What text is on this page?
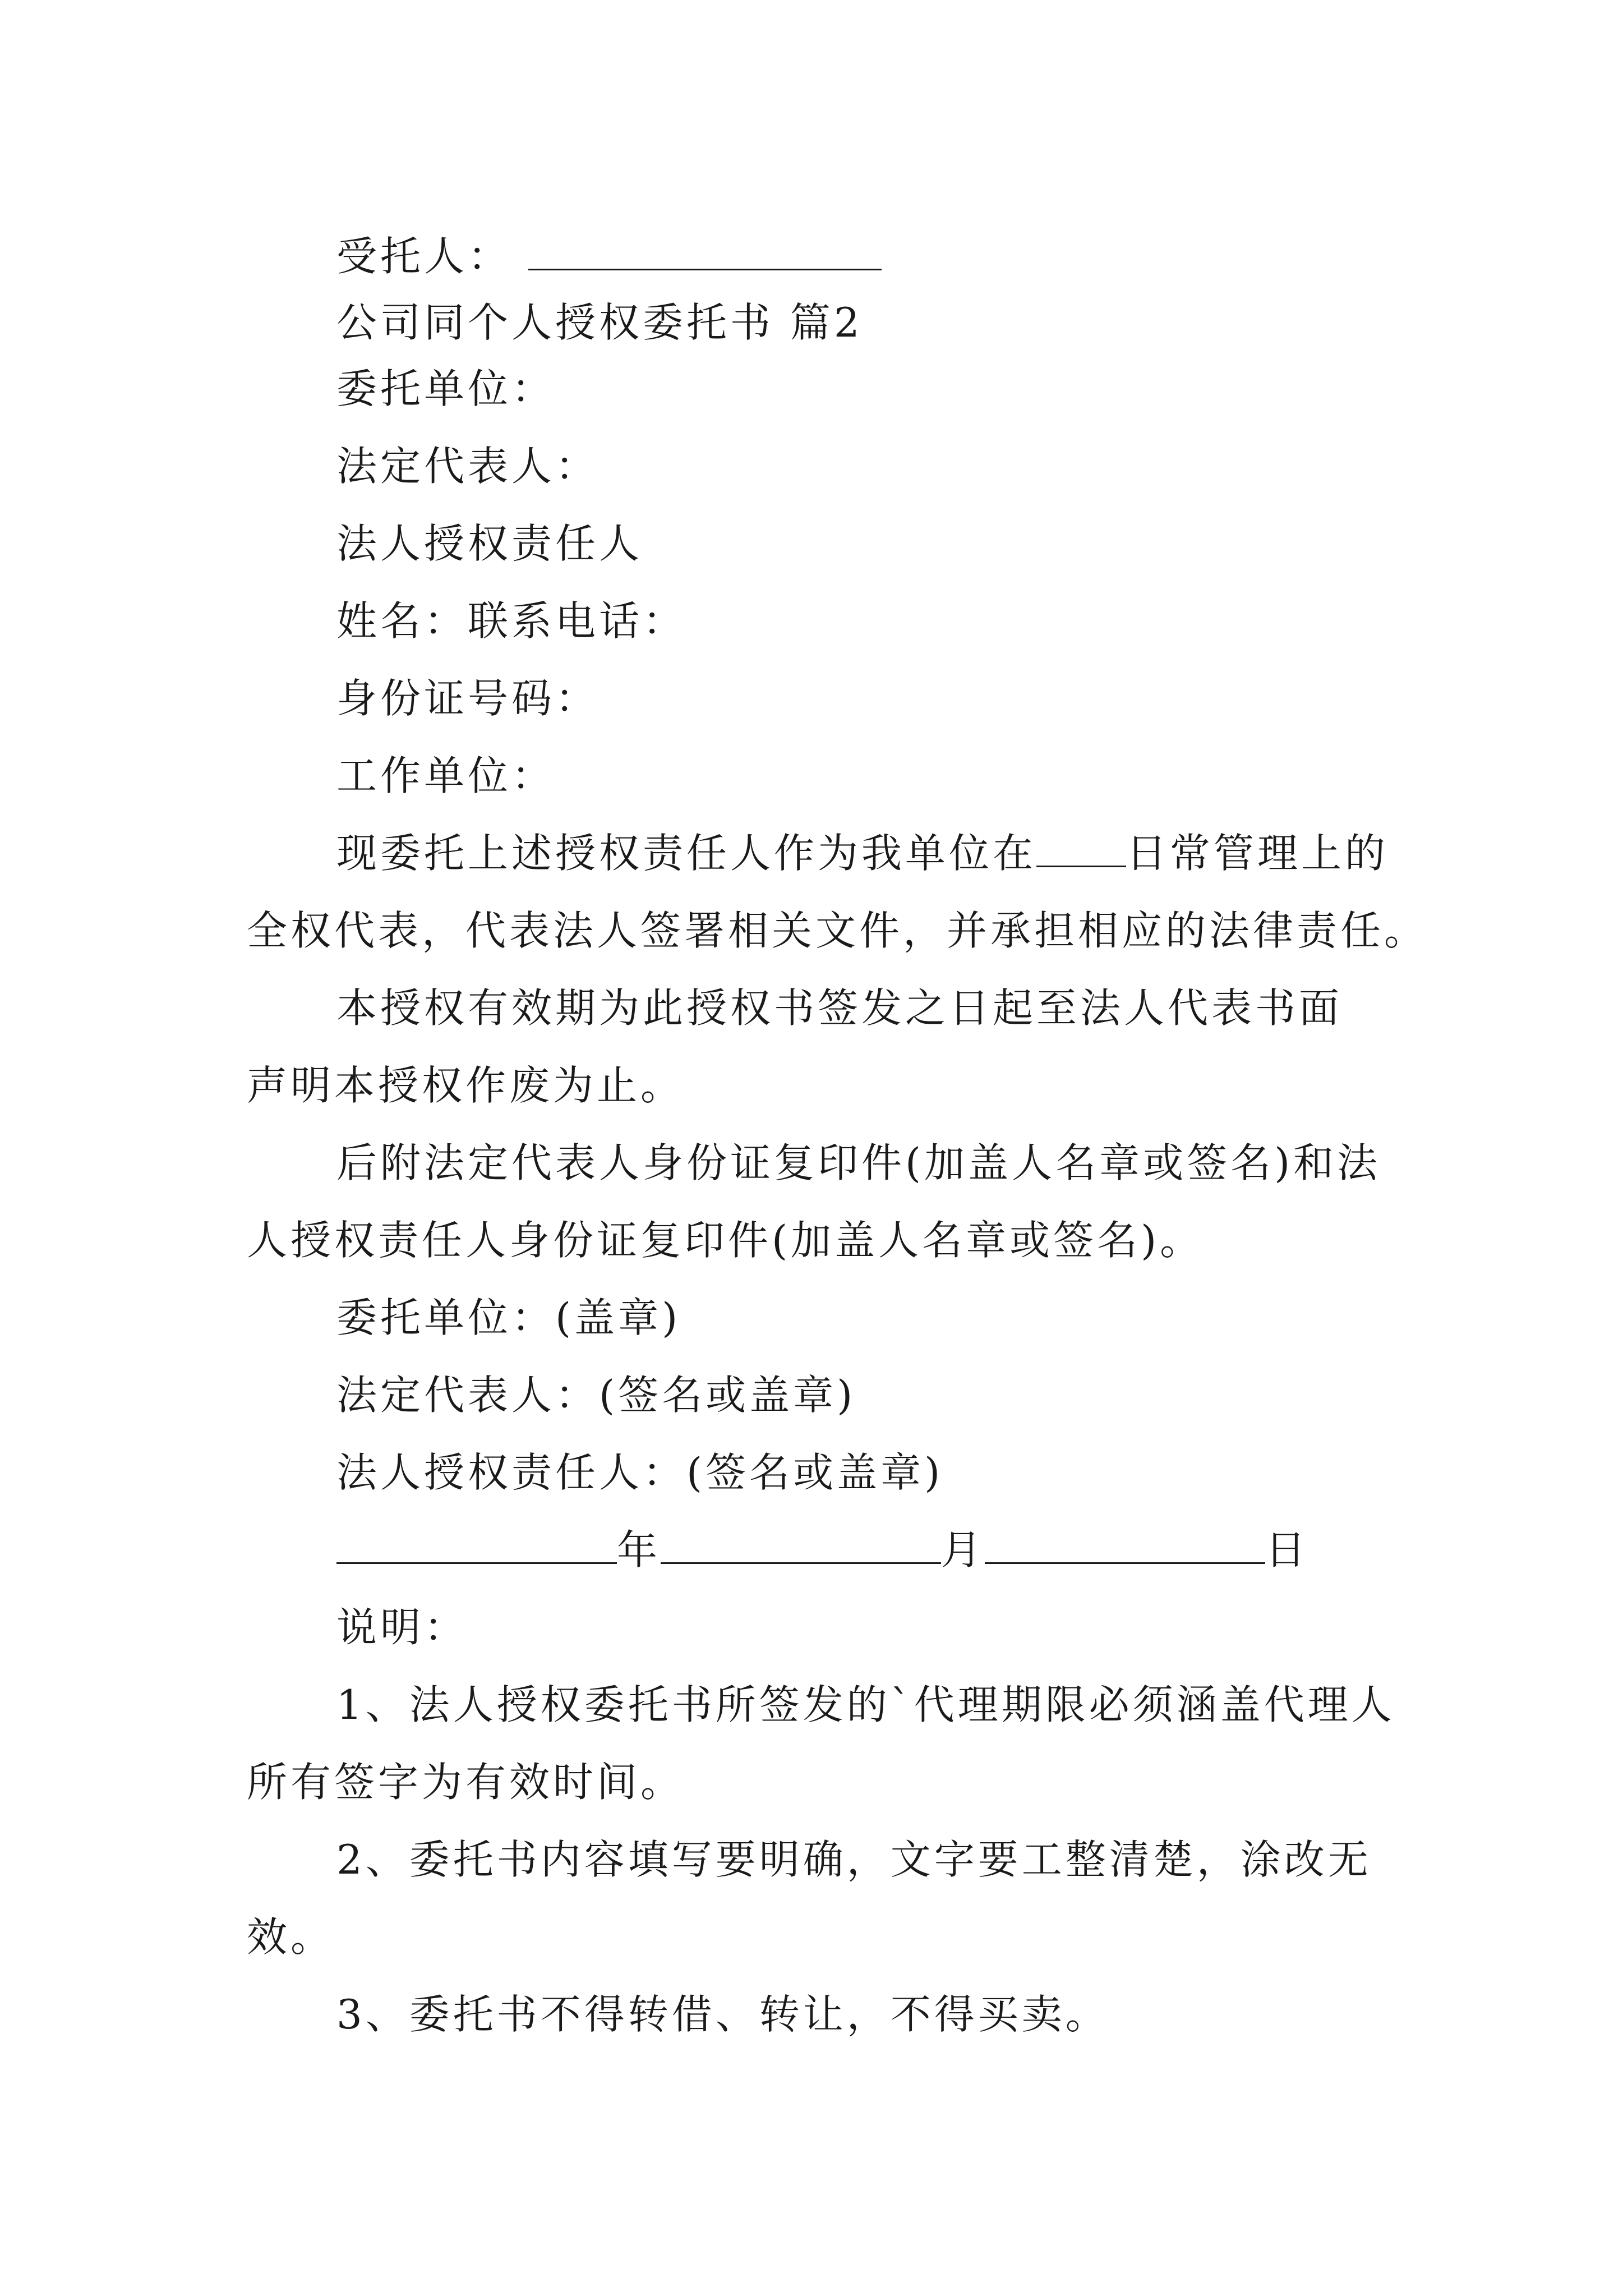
受托人：
公司同个人授权委托书 篇2
委托单位：
法定代表人：
法人授权责任人
姓名：联系电话：
身份证号码：
工作单位：
现委托上述授权责任人作为我单位在 日常管理上的
全权代表，代表法人签署相关文件，并承担相应的法律责任。
本授权有效期为此授权书签发之日起至法人代表书面
声明本授权作废为止。
后附法定代表人身份证复印件(加盖人名章或签名)和法
人授权责任人身份证复印件(加盖人名章或签名)。
委托单位：(盖章)
法定代表人：(签名或盖章)
法人授权责任人：(签名或盖章)
年	月	日
说明：
1、法人授权委托书所签发的`代理期限必须涵盖代理人
所有签字为有效时间。
2、委托书内容填写要明确，文字要工整清楚，涂改无
效。
3、委托书不得转借、转让，不得买卖。
